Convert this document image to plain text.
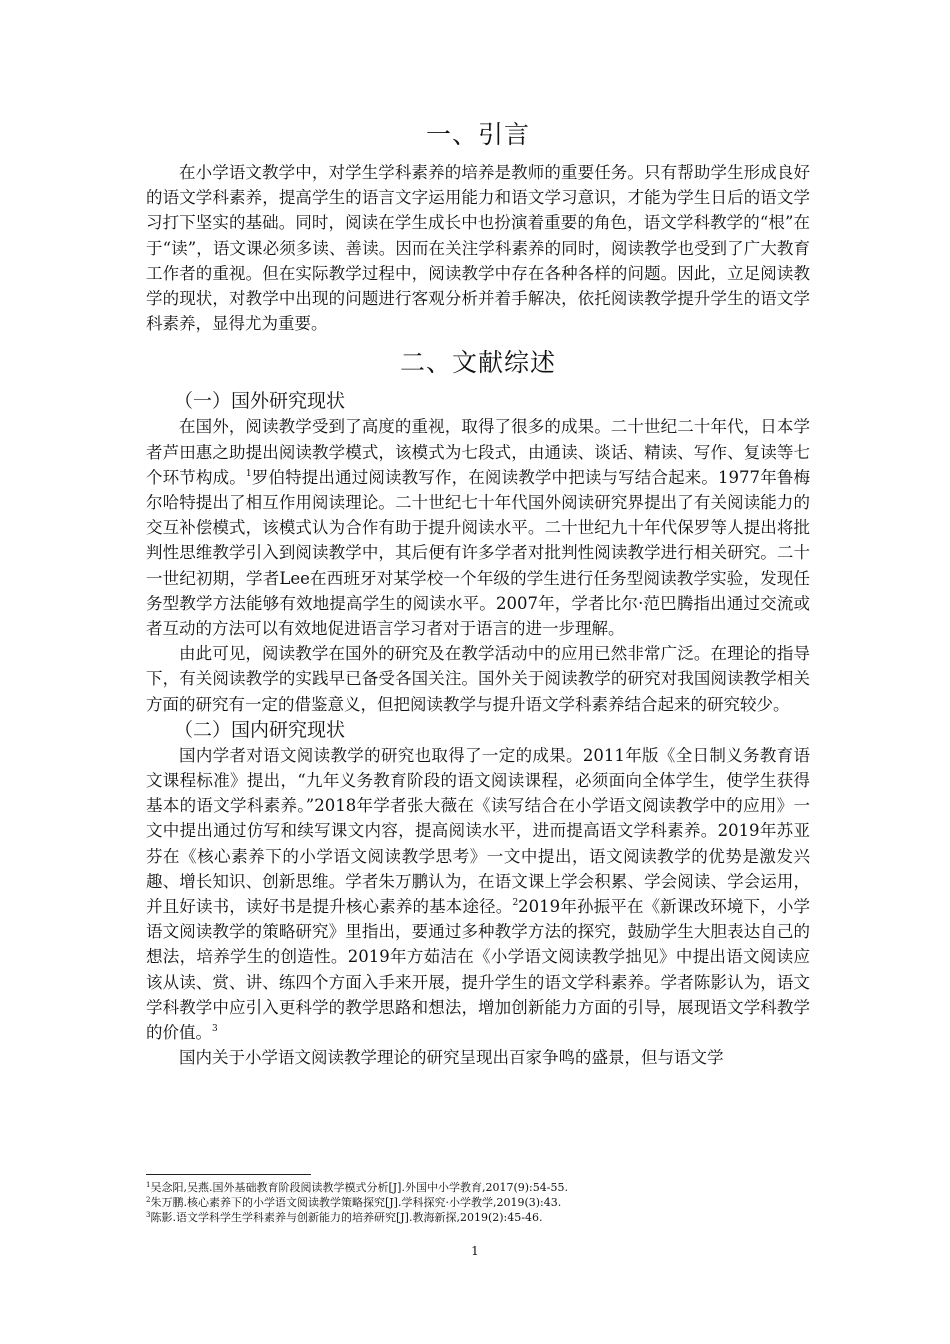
一、引言

在小学语文教学中，对学生学科素养的培养是教师的重要任务。只有帮助学生形成良好的语文学科素养，提高学生的语言文字运用能力和语文学习意识，才能为学生日后的语文学习打下坚实的基础。同时，阅读在学生成长中也扮演着重要的角色，语文学科教学的“根”在于“读”，语文课必须多读、善读。因而在关注学科素养的同时，阅读教学也受到了广大教育工作者的重视。但在实际教学过程中，阅读教学中存在各种各样的问题。因此，立足阅读教学的现状，对教学中出现的问题进行客观分析并着手解决，依托阅读教学提升学生的语文学科素养，显得尤为重要。

二、文献综述
（一）国外研究现状

在国外，阅读教学受到了高度的重视，取得了很多的成果。二十世纪二十年代，日本学者芦田惠之助提出阅读教学模式，该模式为七段式，由通读、谈话、精读、写作、复读等七个环节构成。$^1$罗伯特提出通过阅读教写作，在阅读教学中把读与写结合起来。1977年鲁梅尔哈特提出了相互作用阅读理论。二十世纪七十年代国外阅读研究界提出了有关阅读能力的交互补偿模式，该模式认为合作有助于提升阅读水平。二十世纪九十年代保罗等人提出将批判性思维教学引入到阅读教学中，其后便有许多学者对批判性阅读教学进行相关研究。二十一世纪初期，学者Lee在西班牙对某学校一个年级的学生进行任务型阅读教学实验，发现任务型教学方法能够有效地提高学生的阅读水平。2007年，学者比尔·范巴腾指出通过交流或者互动的方法可以有效地促进语言学习者对于语言的进一步理解。

由此可见，阅读教学在国外的研究及在教学活动中的应用已然非常广泛。在理论的指导下，有关阅读教学的实践早已备受各国关注。国外关于阅读教学的研究对我国阅读教学相关方面的研究有一定的借鉴意义，但把阅读教学与提升语文学科素养结合起来的研究较少。

（二）国内研究现状

国内学者对语文阅读教学的研究也取得了一定的成果。2011年版《全日制义务教育语文课程标准》提出，“九年义务教育阶段的语文阅读课程，必须面向全体学生，使学生获得基本的语文学科素养。”2018年学者张大薇在《读写结合在小学语文阅读教学中的应用》一文中提出通过仿写和续写课文内容，提高阅读水平，进而提高语文学科素养。2019年苏亚芬在《核心素养下的小学语文阅读教学思考》一文中提出，语文阅读教学的优势是激发兴趣、增长知识、创新思维。学者朱万鹏认为，在语文课上学会积累、学会阅读、学会运用，并且好读书，读好书是提升核心素养的基本途径。$^2$2019年孙振平在《新课改环境下，小学语文阅读教学的策略研究》里指出，要通过多种教学方法的探究，鼓励学生大胆表达自己的想法，培养学生的创造性。2019年方茹洁在《小学语文阅读教学拙见》中提出语文阅读应该从读、赏、讲、练四个方面入手来开展，提升学生的语文学科素养。学者陈影认为，语文学科教学中应引入更科学的教学思路和想法，增加创新能力方面的引导，展现语文学科教学的价值。$^3$

国内关于小学语文阅读教学理论的研究呈现出百家争鸣的盛景，但与语文学

$^1$吴念阳,吴燕.国外基础教育阶段阅读教学模式分析[J].外国中小学教育,2017(9):54-55.
$^2$朱万鹏.核心素养下的小学语文阅读教学策略探究[J].学科探究·小学教学,2019(3):43.
$^3$陈影.语文学科学生学科素养与创新能力的培养研究[J].教海新探,2019(2):45-46.
1
